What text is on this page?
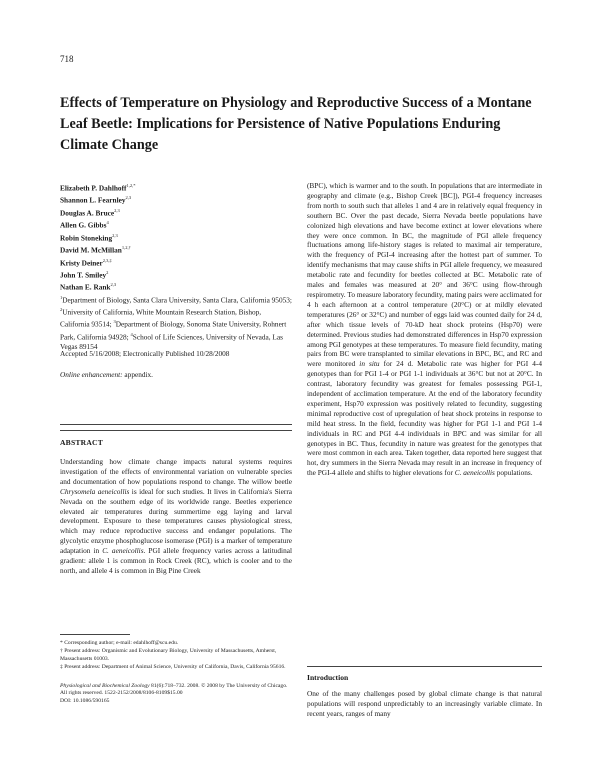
718
Effects of Temperature on Physiology and Reproductive Success of a Montane Leaf Beetle: Implications for Persistence of Native Populations Enduring Climate Change
Elizabeth P. Dahlhoff$^{1,2,*}$
Shannon L. Fearnley$^{2,3}$
Douglas A. Bruce$^{2,3}$
Allen G. Gibbs$^4$
Robin Stoneking$^{2,3}$
David M. McMillan$^{1,2,\dagger}$
Kristy Deiner$^{2,3,\ddagger}$
John T. Smiley$^2$
Nathan E. Rank$^{2,3}$

$^1$Department of Biology, Santa Clara University, Santa Clara, California 95053; $^2$University of California, White Mountain Research Station, Bishop, California 93514; $^3$Department of Biology, Sonoma State University, Rohnert Park, California 94928; $^4$School of Life Sciences, University of Nevada, Las Vegas 89154

Accepted 5/16/2008; Electronically Published 10/28/2008

Online enhancement: appendix.

ABSTRACT

Understanding how climate change impacts natural systems requires investigation of the effects of environmental variation on vulnerable species and documentation of how populations respond to change. The willow beetle Chrysomela aeneicollis is ideal for such studies. It lives in California's Sierra Nevada on the southern edge of its worldwide range. Beetles experience elevated air temperatures during summertime egg laying and larval development. Exposure to these temperatures causes physiological stress, which may reduce reproductive success and endanger populations. The glycolytic enzyme phosphoglucose isomerase (PGI) is a marker of temperature adaptation in C. aeneicollis. PGI allele frequency varies across a latitudinal gradient: allele 1 is common in Rock Creek (RC), which is cooler and to the north, and allele 4 is common in Big Pine Creek

(BPC), which is warmer and to the south. In populations that are intermediate in geography and climate (e.g., Bishop Creek [BC]), PGI-4 frequency increases from north to south such that alleles 1 and 4 are in relatively equal frequency in southern BC. Over the past decade, Sierra Nevada beetle populations have colonized high elevations and have become extinct at lower elevations where they were once common. In BC, the magnitude of PGI allele frequency fluctuations among life-history stages is related to maximal air temperature, with the frequency of PGI-4 increasing after the hottest part of summer. To identify mechanisms that may cause shifts in PGI allele frequency, we measured metabolic rate and fecundity for beetles collected at BC. Metabolic rate of males and females was measured at 20° and 36°C using flow-through respirometry. To measure laboratory fecundity, mating pairs were acclimated for 4 h each afternoon at a control temperature (20°C) or at mildly elevated temperatures (26° or 32°C) and number of eggs laid was counted daily for 24 d, after which tissue levels of 70-kD heat shock proteins (Hsp70) were determined. Previous studies had demonstrated differences in Hsp70 expression among PGI genotypes at these temperatures. To measure field fecundity, mating pairs from BC were transplanted to similar elevations in BPC, BC, and RC and were monitored in situ for 24 d. Metabolic rate was higher for PGI 4-4 genotypes than for PGI 1-4 or PGI 1-1 individuals at 36°C but not at 20°C. In contrast, laboratory fecundity was greatest for females possessing PGI-1, independent of acclimation temperature. At the end of the laboratory fecundity experiment, Hsp70 expression was positively related to fecundity, suggesting minimal reproductive cost of upregulation of heat shock proteins in response to mild heat stress. In the field, fecundity was higher for PGI 1-1 and PGI 1-4 individuals in RC and PGI 4-4 individuals in BPC and was similar for all genotypes in BC. Thus, fecundity in nature was greatest for the genotypes that were most common in each area. Taken together, data reported here suggest that hot, dry summers in the Sierra Nevada may result in an increase in frequency of the PGI-4 allele and shifts to higher elevations for C. aeneicollis populations.

* Corresponding author; e-mail: edahlhoff@scu.edu.

† Present address: Organismic and Evolutionary Biology, University of Massachusetts, Amherst, Massachusetts 01003.

‡ Present address: Department of Animal Science, University of California, Davis, California 95616.

Physiological and Biochemical Zoology 81(6):718–732. 2008. © 2008 by The University of Chicago. All rights reserved. 1522-2152/2008/8106-8109$15.00
DOI: 10.1086/590165

Introduction

One of the many challenges posed by global climate change is that natural populations will respond unpredictably to an increasingly variable climate. In recent years, ranges of many
